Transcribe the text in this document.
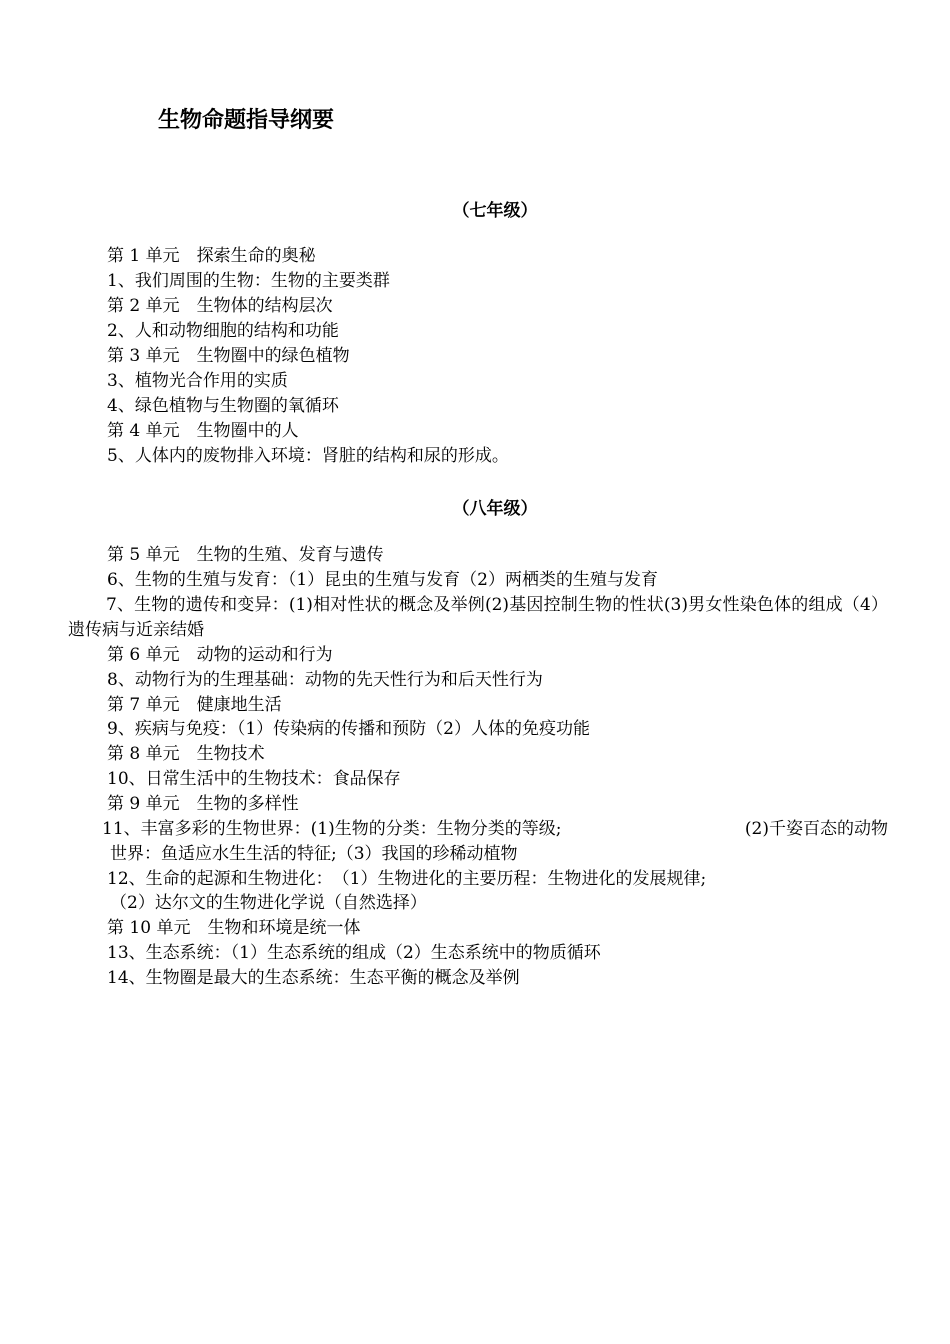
生物命题指导纲要
（七年级）
第 1 单元　探索生命的奥秘
1、我们周围的生物：生物的主要类群
第 2 单元　生物体的结构层次
2、人和动物细胞的结构和功能
第 3 单元　生物圈中的绿色植物
3、植物光合作用的实质
4、绿色植物与生物圈的氧循环
第 4 单元　生物圈中的人
5、人体内的废物排入环境：肾脏的结构和尿的形成。
（八年级）
第 5 单元　生物的生殖、发育与遗传
6、生物的生殖与发育：（1）昆虫的生殖与发育（2）两栖类的生殖与发育
7、生物的遗传和变异：(1)相对性状的概念及举例(2)基因控制生物的性状(3)男女性染色体的组成（4）遗传病与近亲结婚
第 6 单元　动物的运动和行为
8、动物行为的生理基础：动物的先天性行为和后天性行为
第 7 单元　健康地生活
9、疾病与免疫：（1）传染病的传播和预防（2）人体的免疫功能
第 8 单元　生物技术
10、日常生活中的生物技术：食品保存
第 9 单元　生物的多样性
11、丰富多彩的生物世界：(1)生物的分类：生物分类的等级;	(2)千姿百态的动物
世界：鱼适应水生生活的特征;（3）我国的珍稀动植物
12、生命的起源和生物进化：　（1）生物进化的主要历程：生物进化的发展规律;
（2）达尔文的生物进化学说（自然选择）
第 10 单元　生物和环境是统一体
13、生态系统：（1）生态系统的组成（2）生态系统中的物质循环
14、生物圈是最大的生态系统：生态平衡的概念及举例
